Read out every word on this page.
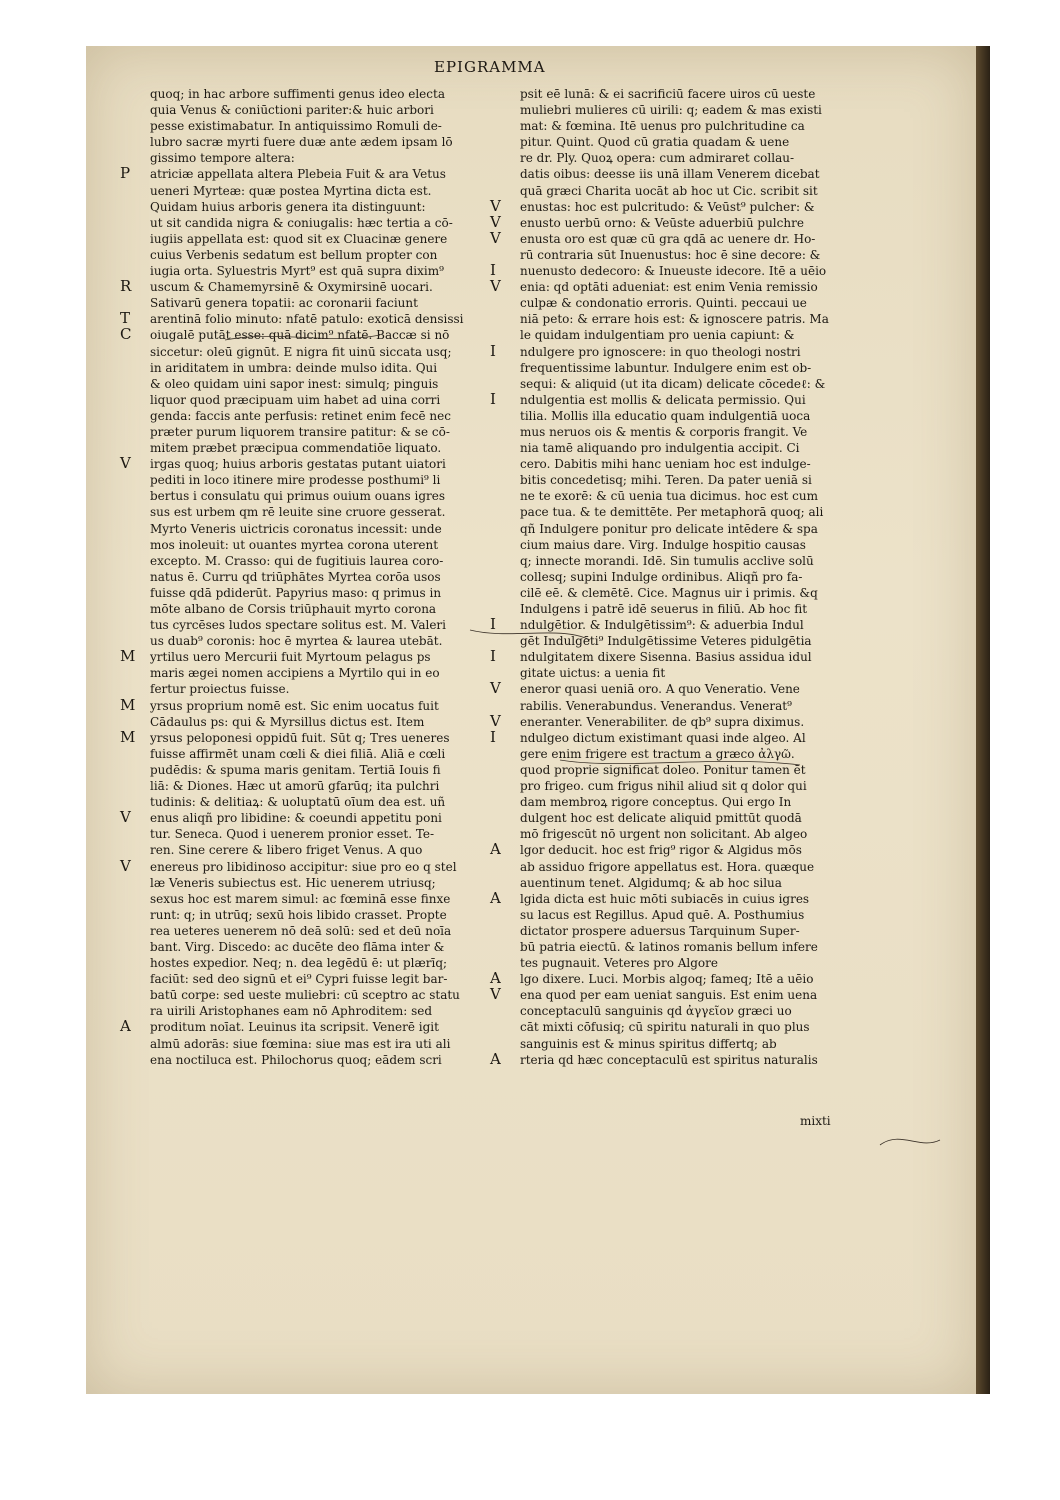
EPIGRAMMA
quoq; in hac arbore suffimenti genus ideo electa
quia Venus & coniūctioni pariter:& huic arbori
pesse existimabatur. In antiquissimo Romuli de-
lubro sacræ myrti fuere duæ ante ædem ipsam lō
gissimo tempore altera:
P atriciæ appellata altera Plebeia Fuit & ara Vetus
ueneri Myrteæ: quæ postea Myrtina dicta est.
Quidam huius arboris genera ita distinguunt:
ut sit candida nigra & coniugalis: hæc tertia a cō-
iugiis appellata est: quod sit ex Cluacinæ genere
cuius Verbenis sedatum est bellum propter con
iugia orta. Syluestris Myrt⁹ est quā supra dixim⁹
R uscum & Chamemyrsinē & Oxymirsinē uocari.
Sativarū genera topatii: ac coronarii faciunt
T arentinā folio minuto: nfatē patulo: exoticā densissi
C oiugalē putāt esse: quā dicim⁹ nfatē. Baccæ si nō
siccetur: oleū gignūt. E nigra fit uinū siccata usq;
in ariditatem in umbra: deinde mulso idita. Qui
& oleo quidam uini sapor inest: simulq; pinguis
liquor quod præcipuam uim habet ad uina corri
genda: faccis ante perfusis: retinet enim fecē nec
præter purum liquorem transire patitur: & se cō-
mitem præbet præcipua commendatiōe liquato.
V irgas quoq; huius arboris gestatas putant uiatori
pediti in loco itinere mire prodesse posthumi⁹ li
bertus i consulatu qui primus ouium ouans igres
sus est urbem qm rē leuite sine cruore gesserat.
Myrto Veneris uictricis coronatus incessit: unde
mos inoleuit: ut ouantes myrtea corona uterent
excepto. M. Crasso: qui de fugitiuis laurea coro-
natus ē. Curru qd triūphātes Myrtea corōa usos
fuisse qdā pdiderūt. Papyrius maso: q primus in
mōte albano de Corsis triūphauit myrto corona
tus cyrcēses ludos spectare solitus est. M. Valeri
us duab⁹ coronis: hoc ē myrtea & laurea utebāt.
M yrtilus uero Mercurii fuit Myrtoum pelagus ps
maris ægei nomen accipiens a Myrtilo qui in eo
fertur proiectus fuisse.
M yrsus proprium nomē est. Sic enim uocatus fuit
Cādaulus ps: qui & Myrsillus dictus est. Item
M yrsus peloponesi oppidū fuit. Sūt q; Tres ueneres
fuisse affirmēt unam cœli & diei filiā. Aliā e cœli
pudēdis: & spuma maris genitam. Tertiā Iouis fi
liā: & Diones. Hæc ut amorū gfarūq; ita pulchri
tudinis: & delitiaꝝ: & uoluptatū oīum dea est. uñ
V enus aliqñ pro libidine: & coeundi appetitu poni
tur. Seneca. Quod i uenerem pronior esset. Te-
ren. Sine cerere & libero friget Venus. A quo
V enereus pro libidinoso accipitur: siue pro eo q stel
læ Veneris subiectus est. Hic uenerem utriusq;
sexus hoc est marem simul: ac fœminā esse finxe
runt: q; in utrūq; sexū hois libido crasset. Propte
rea ueteres uenerem nō deā solū: sed et deū noīa
bant. Virg. Discedo: ac ducēte deo flāma inter &
hostes expedior. Neq; n. dea legēdū ē: ut plærīq;
faciūt: sed deo signū et ei⁹ Cypri fuisse legit bar-
batū corpe: sed ueste muliebri: cū sceptro ac statu
ra uirili Aristophanes eam nō Aphroditem: sed
A proditum noīat. Leuinus ita scripsit. Venerē igit
almū adorās: siue fœmina: siue mas est ira uti ali
ena noctiluca est. Philochorus quoq; eādem scri
psit eē lunā: & ei sacrificiū facere uiros cū ueste
muliebri mulieres cū uirili: q; eadem & mas existi
mat: & fœmina. Itē uenus pro pulchritudine ca
pitur. Quint. Quod cū gratia quadam & uene
re dr. Ply. Quoꝝ opera: cum admiraret collau-
datis oibus: deesse iis unā illam Venerem dicebat
quā græci Charita uocāt ab hoc ut Cic. scribit sit
V enustas: hoc est pulcritudo: & Veūst⁹ pulcher: &
V enusto uerbū orno: & Veūste aduerbiū pulchre
V enusta oro est quæ cū gra qdā ac uenere dr. Ho-
rū contraria sūt Inuenustus: hoc ē sine decore: &
I nuenusto dedecoro: & Inueuste idecore. Itē a uēio
V enia: qd optāti adueniat: est enim Venia remissio
culpæ & condonatio erroris. Quinti. peccaui ue
niā peto: & errare hois est: & ignoscere patris. Ma
le quidam indulgentiam pro uenia capiunt: &
I ndulgere pro ignoscere: in quo theologi nostri
frequentissime labuntur. Indulgere enim est ob-
sequi: & aliquid (ut ita dicam) delicate cōcedeℓ: &
I ndulgentia est mollis & delicata permissio. Qui
tilia. Mollis illa educatio quam indulgentiā uoca
mus neruos ois & mentis & corporis frangit. Ve
nia tamē aliquando pro indulgentia accipit. Ci
cero. Dabitis mihi hanc ueniam hoc est indulge-
bitis concedetisq; mihi. Teren. Da pater ueniā si
ne te exorē: & cū uenia tua dicimus. hoc est cum
pace tua. & te demittēte. Per metaphorā quoq; ali
qñ Indulgere ponitur pro delicate intēdere & spa
cium maius dare. Virg. Indulge hospitio causas
q; innecte morandi. Idē. Sin tumulis acclive solū
collesq; supini Indulge ordinibus. Aliqñ pro fa-
cilē eē. & clemētē. Cice. Magnus uir i primis. &q
Indulgens i patrē idē seuerus in filiū. Ab hoc fit
I ndulgētior. & Indulgētissim⁹: & aduerbia Indul
gēt Indulgēti⁹ Indulgētissime Veteres pidulgētia
I ndulgitatem dixere Sisenna. Basius assidua idul
gitate uictus: a uenia fit
V eneror quasi ueniā oro. A quo Veneratio. Vene
rabilis. Venerabundus. Venerandus. Venerat⁹
V eneranter. Venerabiliter. de qb⁹ supra diximus.
I ndulgeo dictum existimant quasi inde algeo. Al
gere enim frigere est tractum a græco ἀλγῶ.
quod proprie significat doleo. Ponitur tamen ēt
pro frigeo. cum frigus nihil aliud sit q dolor qui
dam membroꝝ rigore conceptus. Qui ergo In
dulgent hoc est delicate aliquid pmittūt quodā
mō frigescūt nō urgent non solicitant. Ab algeo
A lgor deducit. hoc est frig⁹ rigor & Algidus mōs
ab assiduo frigore appellatus est. Hora. quæque
auentinum tenet. Algidumq; & ab hoc silua
A lgida dicta est huic mōti subiacēs in cuius igres
su lacus est Regillus. Apud quē. A. Posthumius
dictator prospere aduersus Tarquinum Super-
bū patria eiectū. & latinos romanis bellum infere
tes pugnauit. Veteres pro Algore
A lgo dixere. Luci. Morbis algoq; fameq; Itē a uēio
V ena quod per eam ueniat sanguis. Est enim uena
conceptaculū sanguinis qd ἀγγεῖον græci uo
cāt mixti cōfusiq; cū spiritu naturali in quo plus
sanguinis est & minus spiritus differtq; ab
A rteria qd hæc conceptaculū est spiritus naturalis
mixti
